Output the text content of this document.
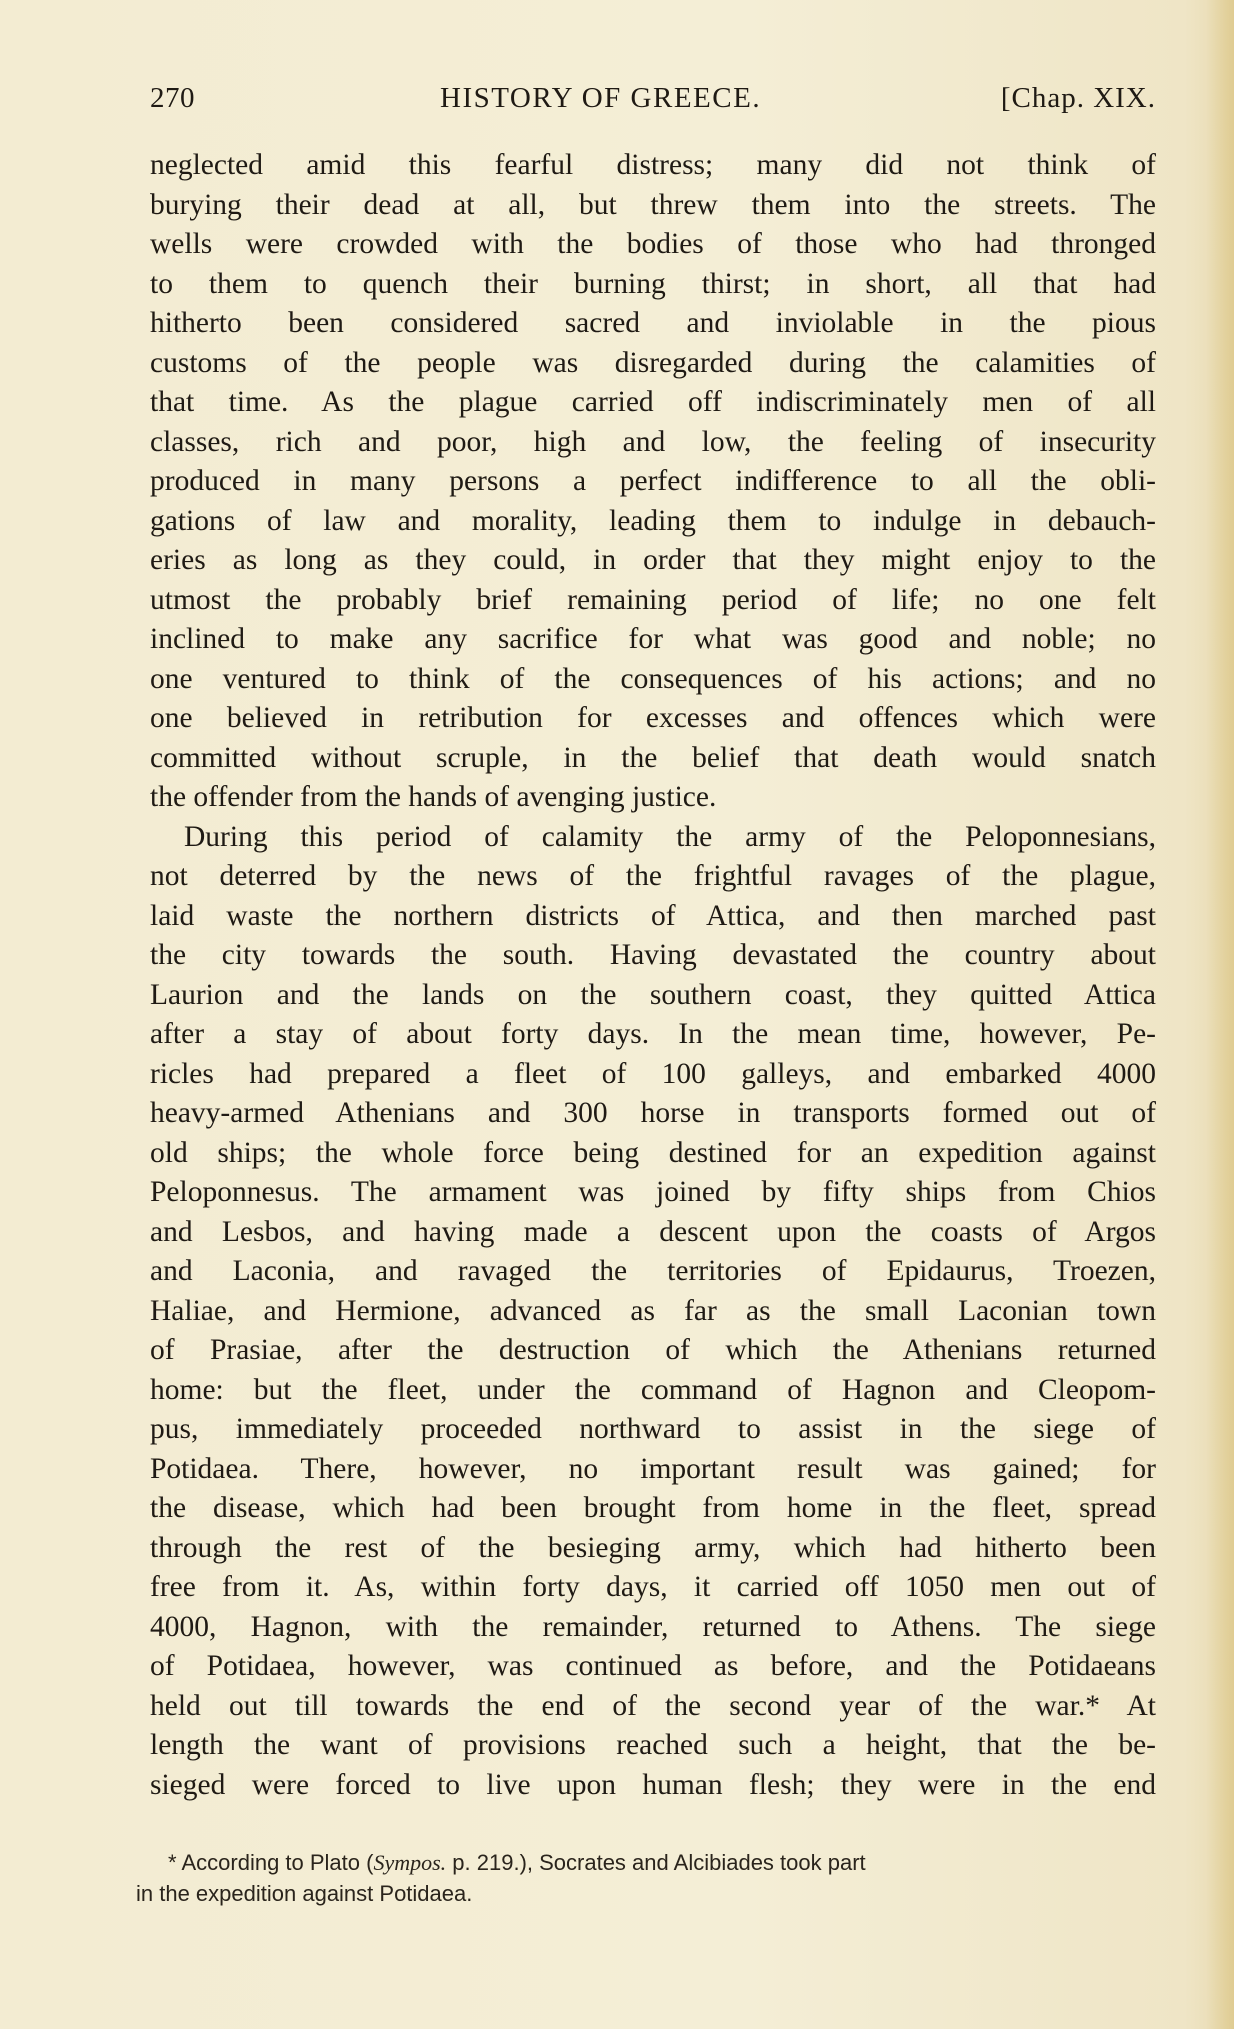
270	HISTORY OF GREECE.	[Chap. XIX.
neglected amid this fearful distress; many did not think of
burying their dead at all, but threw them into the streets. The
wells were crowded with the bodies of those who had thronged
to them to quench their burning thirst; in short, all that had
hitherto been considered sacred and inviolable in the pious
customs of the people was disregarded during the calamities of
that time. As the plague carried off indiscriminately men of all
classes, rich and poor, high and low, the feeling of insecurity
produced in many persons a perfect indifference to all the obli-
gations of law and morality, leading them to indulge in debauch-
eries as long as they could, in order that they might enjoy to the
utmost the probably brief remaining period of life; no one felt
inclined to make any sacrifice for what was good and noble; no
one ventured to think of the consequences of his actions; and no
one believed in retribution for excesses and offences which were
committed without scruple, in the belief that death would snatch
the offender from the hands of avenging justice.
During this period of calamity the army of the Peloponnesians,
not deterred by the news of the frightful ravages of the plague,
laid waste the northern districts of Attica, and then marched past
the city towards the south. Having devastated the country about
Laurion and the lands on the southern coast, they quitted Attica
after a stay of about forty days. In the mean time, however, Pe-
ricles had prepared a fleet of 100 galleys, and embarked 4000
heavy-armed Athenians and 300 horse in transports formed out of
old ships; the whole force being destined for an expedition against
Peloponnesus. The armament was joined by fifty ships from Chios
and Lesbos, and having made a descent upon the coasts of Argos
and Laconia, and ravaged the territories of Epidaurus, Troezen,
Haliae, and Hermione, advanced as far as the small Laconian town
of Prasiae, after the destruction of which the Athenians returned
home: but the fleet, under the command of Hagnon and Cleopom-
pus, immediately proceeded northward to assist in the siege of
Potidaea. There, however, no important result was gained; for
the disease, which had been brought from home in the fleet, spread
through the rest of the besieging army, which had hitherto been
free from it. As, within forty days, it carried off 1050 men out of
4000, Hagnon, with the remainder, returned to Athens. The siege
of Potidaea, however, was continued as before, and the Potidaeans
held out till towards the end of the second year of the war.* At
length the want of provisions reached such a height, that the be-
sieged were forced to live upon human flesh; they were in the end
* According to Plato (Sympos. p. 219.), Socrates and Alcibiades took part
in the expedition against Potidaea.
